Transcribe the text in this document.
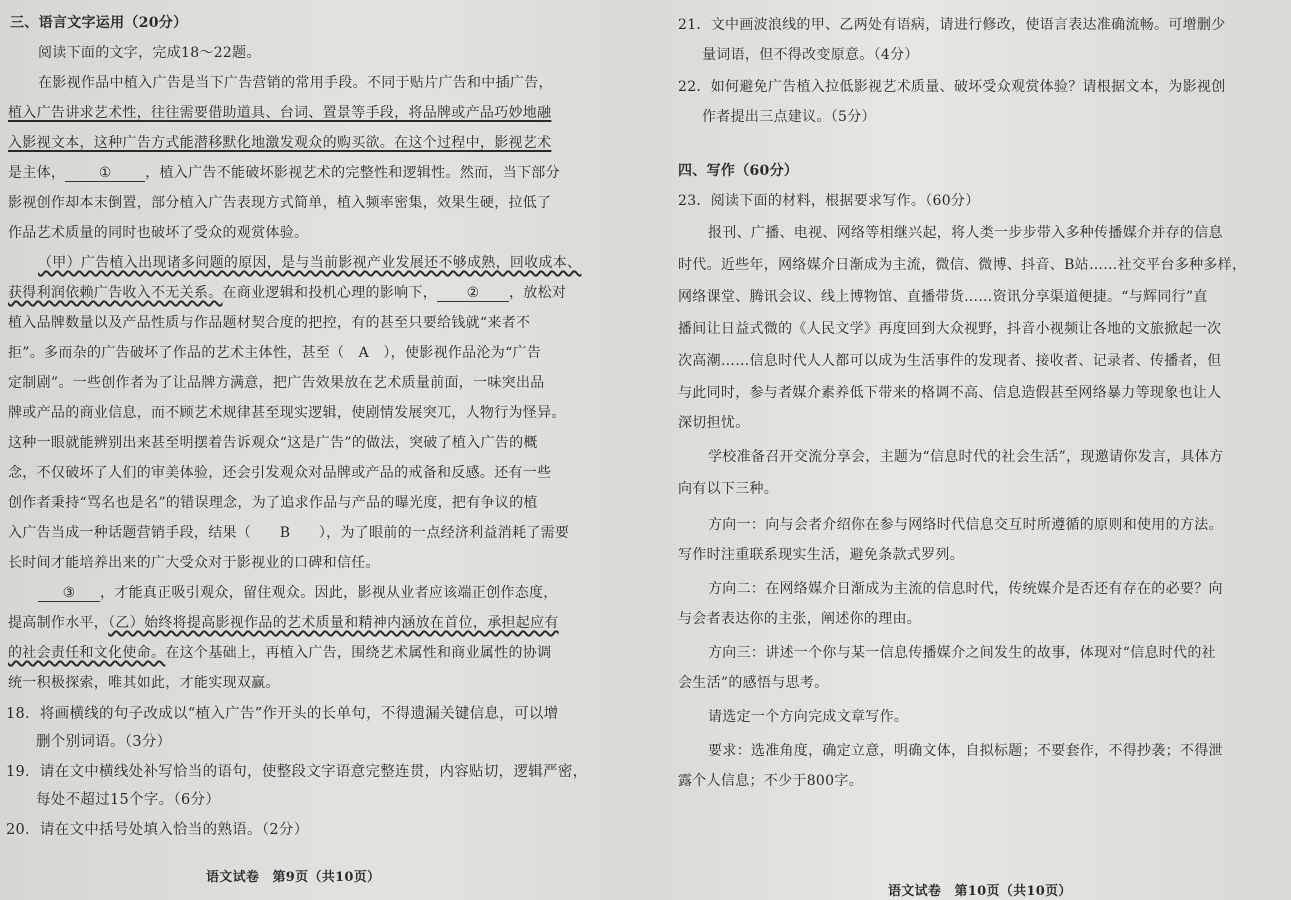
三、语言文字运用（20分）
阅读下面的文字，完成18～22题。
在影视作品中植入广告是当下广告营销的常用手段。不同于贴片广告和中插广告，
植入广告讲求艺术性，往往需要借助道具、台词、置景等手段，将品牌或产品巧妙地融
入影视文本，这种广告方式能潜移默化地激发观众的购买欲。在这个过程中，影视艺术
是主体， ① ，植入广告不能破坏影视艺术的完整性和逻辑性。然而，当下部分
影视创作却本末倒置，部分植入广告表现方式简单，植入频率密集，效果生硬，拉低了
作品艺术质量的同时也破坏了受众的观赏体验。
（甲）广告植入出现诸多问题的原因，是与当前影视产业发展还不够成熟，回收成本、
获得利润依赖广告收入不无关系。在商业逻辑和投机心理的影响下， ② ，放松对
植入品牌数量以及产品性质与作品题材契合度的把控，有的甚至只要给钱就“来者不
拒”。多而杂的广告破坏了作品的艺术主体性，甚至（　A　），使影视作品沦为“广告
定制剧”。一些创作者为了让品牌方满意，把广告效果放在艺术质量前面，一味突出品
牌或产品的商业信息，而不顾艺术规律甚至现实逻辑，使剧情发展突兀，人物行为怪异。
这种一眼就能辨别出来甚至明摆着告诉观众“这是广告”的做法，突破了植入广告的概
念，不仅破坏了人们的审美体验，还会引发观众对品牌或产品的戒备和反感。还有一些
创作者秉持“骂名也是名”的错误理念，为了追求作品与产品的曝光度，把有争议的植
入广告当成一种话题营销手段，结果（　　B　　），为了眼前的一点经济利益消耗了需要
长时间才能培养出来的广大受众对于影视业的口碑和信任。
③ ，才能真正吸引观众，留住观众。因此，影视从业者应该端正创作态度，
提高制作水平，（乙）始终将提高影视作品的艺术质量和精神内涵放在首位，承担起应有
的社会责任和文化使命。在这个基础上，再植入广告，围绕艺术属性和商业属性的协调
统一积极探索，唯其如此，才能实现双赢。
18．将画横线的句子改成以“植入广告”作开头的长单句，不得遗漏关键信息，可以增
删个别词语。（3分）
19．请在文中横线处补写恰当的语句，使整段文字语意完整连贯，内容贴切，逻辑严密，
每处不超过15个字。（6分）
20．请在文中括号处填入恰当的熟语。（2分）
语文试卷　第9页（共10页）
21．文中画波浪线的甲、乙两处有语病，请进行修改，使语言表达准确流畅。可增删少
量词语，但不得改变原意。（4分）
22．如何避免广告植入拉低影视艺术质量、破坏受众观赏体验？请根据文本，为影视创
作者提出三点建议。（5分）
四、写作（60分）
23．阅读下面的材料，根据要求写作。（60分）
报刊、广播、电视、网络等相继兴起，将人类一步步带入多种传播媒介并存的信息
时代。近些年，网络媒介日渐成为主流，微信、微博、抖音、B站……社交平台多种多样，
网络课堂、腾讯会议、线上博物馆、直播带货……资讯分享渠道便捷。“与辉同行”直
播间让日益式微的《人民文学》再度回到大众视野，抖音小视频让各地的文旅掀起一次
次高潮……信息时代人人都可以成为生活事件的发现者、接收者、记录者、传播者，但
与此同时，参与者媒介素养低下带来的格调不高、信息造假甚至网络暴力等现象也让人
深切担忧。
学校准备召开交流分享会，主题为“信息时代的社会生活”，现邀请你发言，具体方
向有以下三种。
方向一：向与会者介绍你在参与网络时代信息交互时所遵循的原则和使用的方法。
写作时注重联系现实生活，避免条款式罗列。
方向二：在网络媒介日渐成为主流的信息时代，传统媒介是否还有存在的必要？向
与会者表达你的主张，阐述你的理由。
方向三：讲述一个你与某一信息传播媒介之间发生的故事，体现对“信息时代的社
会生活”的感悟与思考。
请选定一个方向完成文章写作。
要求：选准角度，确定立意，明确文体，自拟标题；不要套作，不得抄袭；不得泄
露个人信息；不少于800字。
语文试卷　第10页（共10页）
